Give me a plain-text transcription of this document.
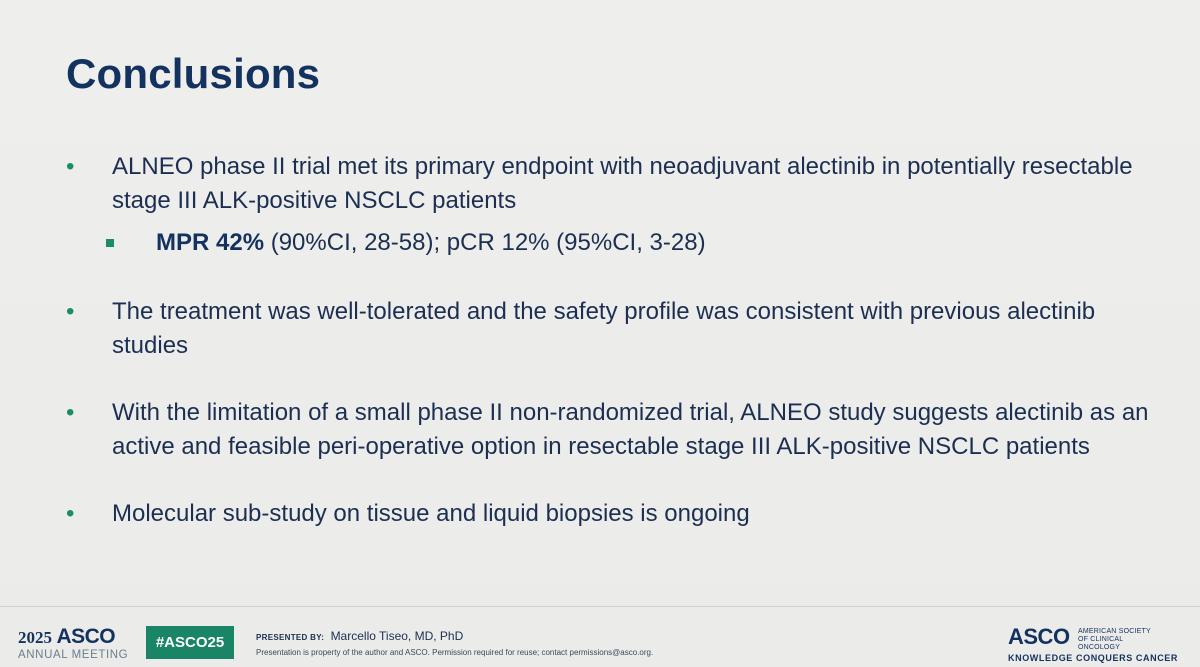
Conclusions
• ALNEO phase II trial met its primary endpoint with neoadjuvant alectinib in potentially resectable stage III ALK-positive NSCLC patients
MPR 42% (90%CI, 28-58); pCR 12% (95%CI, 3-28)
• The treatment was well-tolerated and the safety profile was consistent with previous alectinib studies
• With the limitation of a small phase II non-randomized trial, ALNEO study suggests alectinib as an active and feasible peri-operative option in resectable stage III ALK-positive NSCLC patients
• Molecular sub-study on tissue and liquid biopsies is ongoing
2025 ASCO
ANNUAL MEETING
#ASCO25	PRESENTED BY: Marcello Tiseo, MD, PhD
Presentation is property of the author and ASCO. Permission required for reuse; contact permissions@asco.org.
ASCO AMERICAN SOCIETY OF CLINICAL ONCOLOGY
KNOWLEDGE CONQUERS CANCER
